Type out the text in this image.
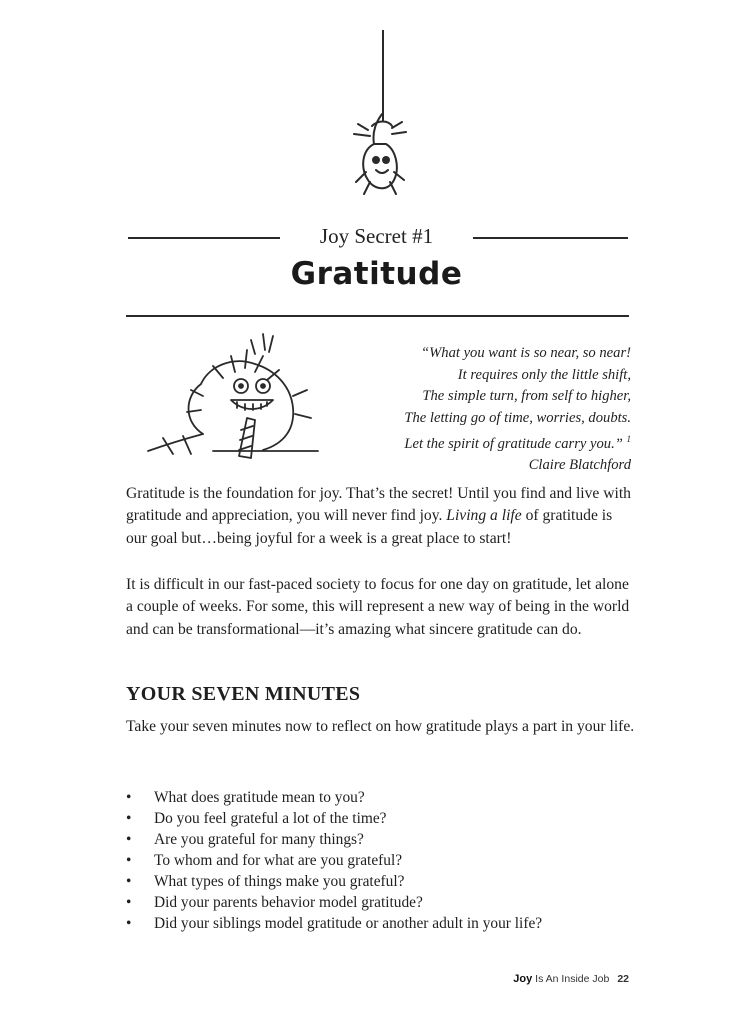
Joy Secret #1
Gratitude
“What you want is so near, so near!
It requires only the little shift,
The simple turn, from self to higher,
The letting go of time, worries, doubts.
Let the spirit of gratitude carry you.” $^1$
Claire Blatchford

Gratitude is the foundation for joy. That’s the secret! Until you find and live with gratitude and appreciation, you will never find joy. Living a life of gratitude is our goal but…being joyful for a week is a great place to start!

It is difficult in our fast-paced society to focus for one day on gratitude, let alone a couple of weeks. For some, this will represent a new way of being in the world and can be transformational—it’s amazing what sincere gratitude can do.

YOUR SEVEN MINUTES

Take your seven minutes now to reflect on how gratitude plays a part in your life.

• What does gratitude mean to you?
• Do you feel grateful a lot of the time?
• Are you grateful for many things?
• To whom and for what are you grateful?
• What types of things make you grateful?
• Did your parents behavior model gratitude?
• Did your siblings model gratitude or another adult in your life?
Joy Is An Inside Job 22
